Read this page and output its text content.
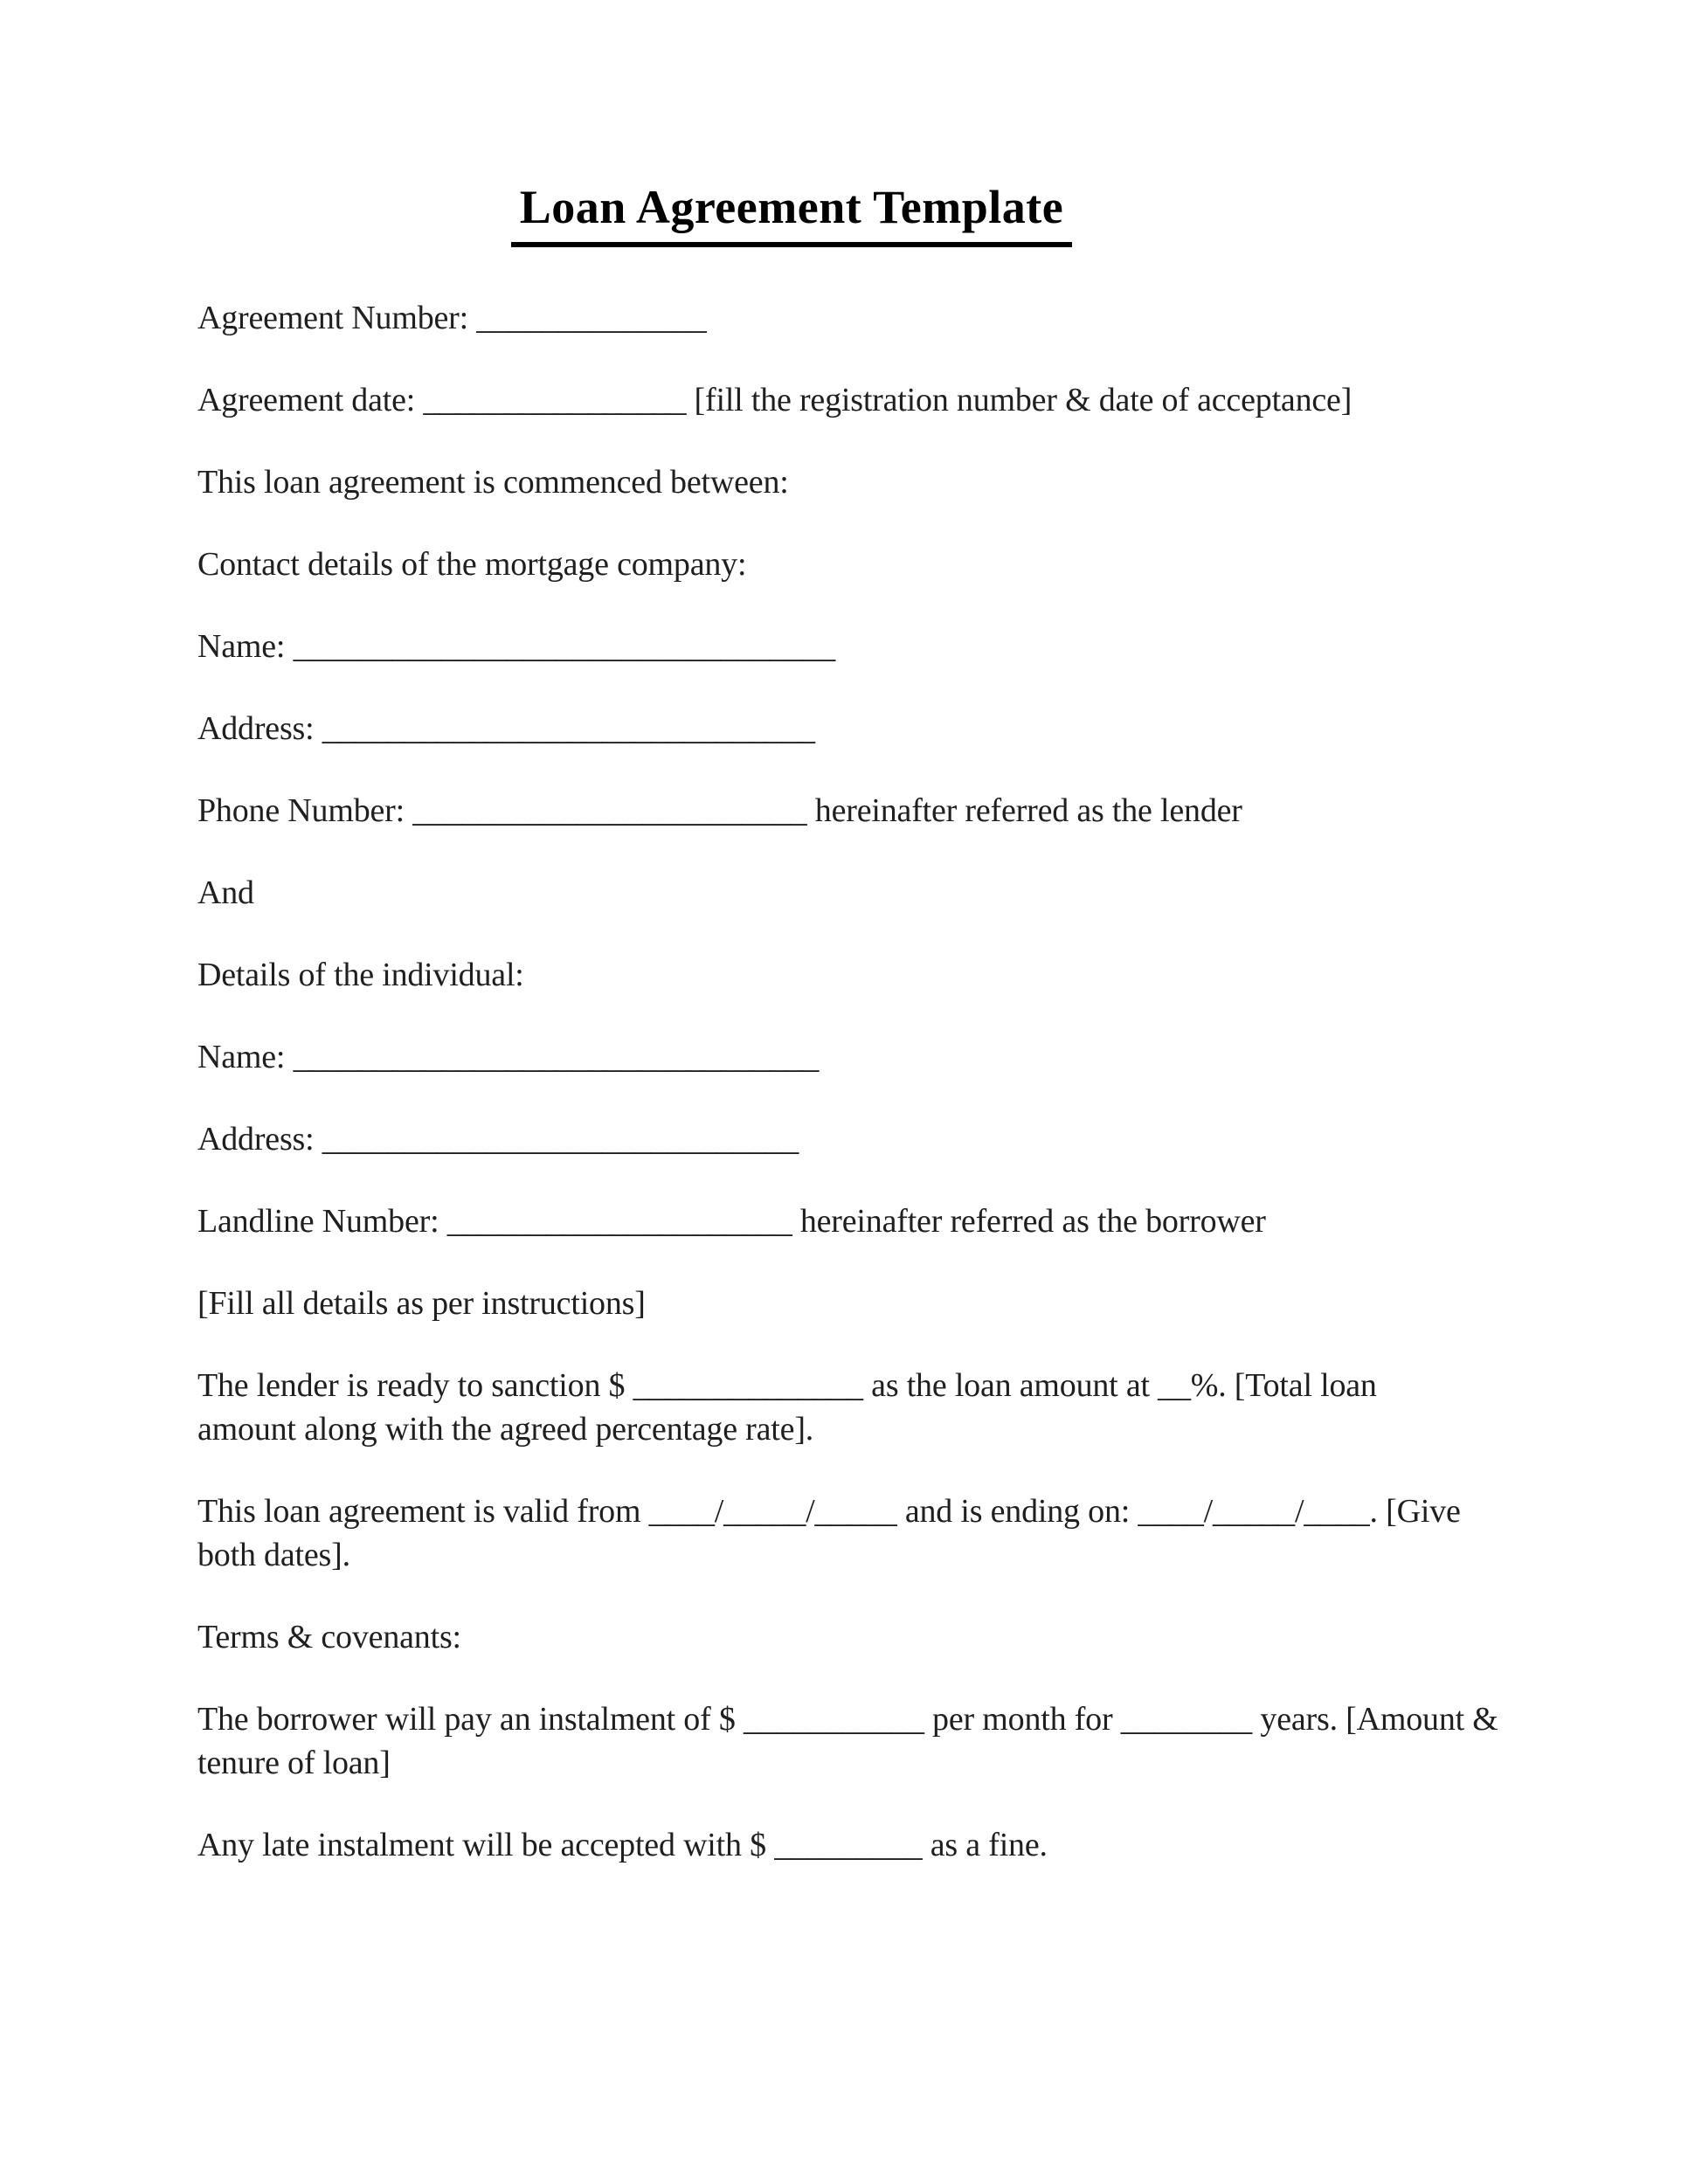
Loan Agreement Template

Agreement Number: ______________

Agreement date: ________________ [fill the registration number & date of acceptance]

This loan agreement is commenced between:

Contact details of the mortgage company:

Name: _________________________________

Address: ______________________________

Phone Number: ________________________ hereinafter referred as the lender

And

Details of the individual:

Name: ________________________________

Address: _____________________________

Landline Number: _____________________ hereinafter referred as the borrower

[Fill all details as per instructions]

The lender is ready to sanction $ ______________ as the loan amount at __%. [Total loan
amount along with the agreed percentage rate].

This loan agreement is valid from ____/_____/_____ and is ending on: ____/_____/____. [Give
both dates].

Terms & covenants:

The borrower will pay an instalment of $ ___________ per month for ________ years. [Amount &
tenure of loan]

Any late instalment will be accepted with $ _________ as a fine.
